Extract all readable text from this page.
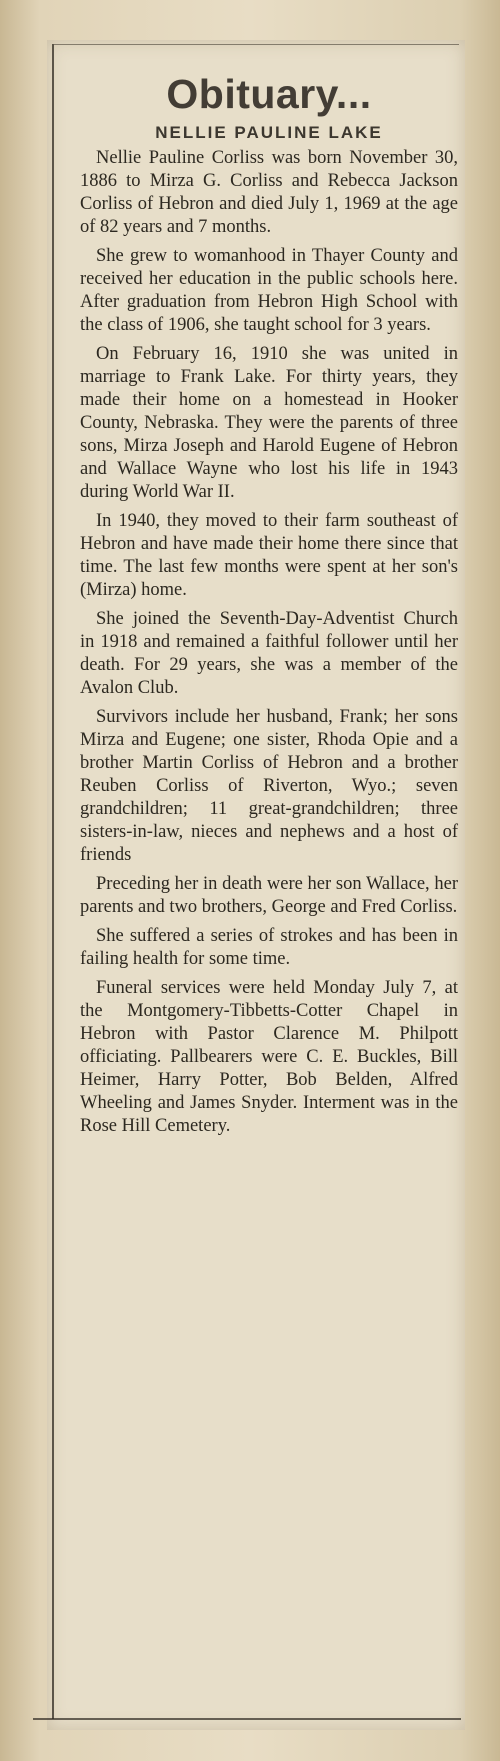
Obituary...
NELLIE PAULINE LAKE

Nellie Pauline Corliss was born November 30, 1886 to Mirza G. Corliss and Rebecca Jackson Corliss of Hebron and died July 1, 1969 at the age of 82 years and 7 months.

She grew to womanhood in Thayer County and received her education in the public schools here. After graduation from Hebron High School with the class of 1906, she taught school for 3 years.

On February 16, 1910 she was united in marriage to Frank Lake. For thirty years, they made their home on a homestead in Hooker County, Nebraska. They were the parents of three sons, Mirza Joseph and Harold Eugene of Hebron and Wallace Wayne who lost his life in 1943 during World War II.

In 1940, they moved to their farm southeast of Hebron and have made their home there since that time. The last few months were spent at her son's (Mirza) home.

She joined the Seventh-Day-Adventist Church in 1918 and remained a faithful follower until her death. For 29 years, she was a member of the Avalon Club.

Survivors include her husband, Frank; her sons Mirza and Eugene; one sister, Rhoda Opie and a brother Martin Corliss of Hebron and a brother Reuben Corliss of Riverton, Wyo.; seven grandchildren; 11 great-grandchildren; three sisters-in-law, nieces and nephews and a host of friends

Preceding her in death were her son Wallace, her parents and two brothers, George and Fred Corliss.

She suffered a series of strokes and has been in failing health for some time.

Funeral services were held Monday July 7, at the Montgomery-Tibbetts-Cotter Chapel in Hebron with Pastor Clarence M. Philpott officiating. Pallbearers were C. E. Buckles, Bill Heimer, Harry Potter, Bob Belden, Alfred Wheeling and James Snyder. Interment was in the Rose Hill Cemetery.
